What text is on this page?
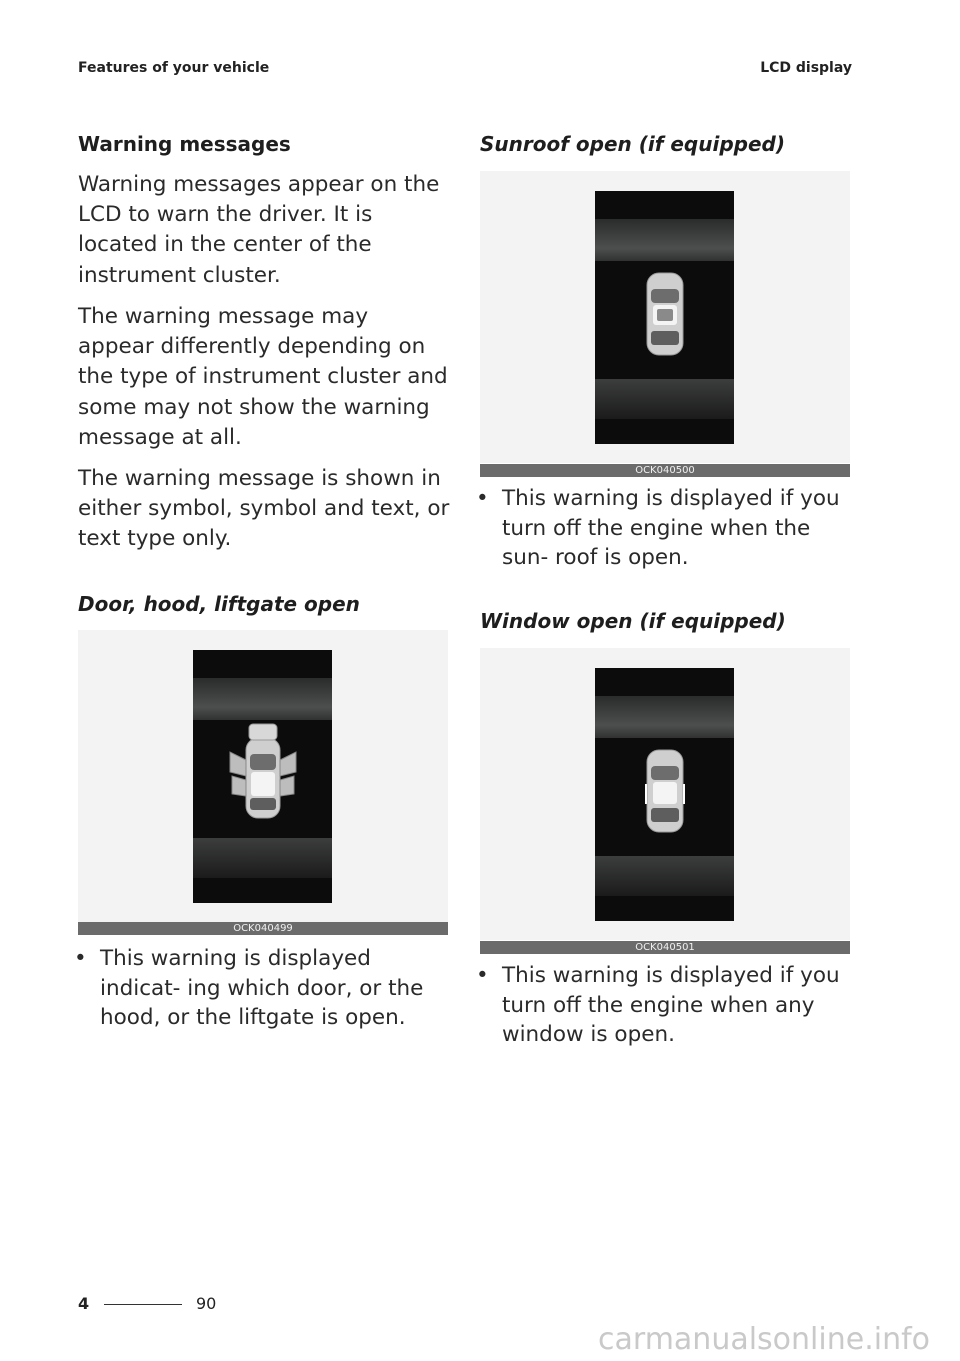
Features of your vehicle	LCD display
Warning messages

Warning messages appear on the LCD to warn the driver. It is located in the center of the instrument cluster.

The warning message may appear differently depending on the type of instrument cluster and some may not show the warning message at all.

The warning message is shown in either symbol, symbol and text, or text type only.

Door, hood, liftgate open
OCK040499
• This warning is displayed indicat- ing which door, or the hood, or the liftgate is open.
Sunroof open (if equipped)
OCK040500
• This warning is displayed if you turn off the engine when the sun- roof is open.
Window open (if equipped)
OCK040501
• This warning is displayed if you turn off the engine when any window is open.
4	90
carmanualsonline.info
